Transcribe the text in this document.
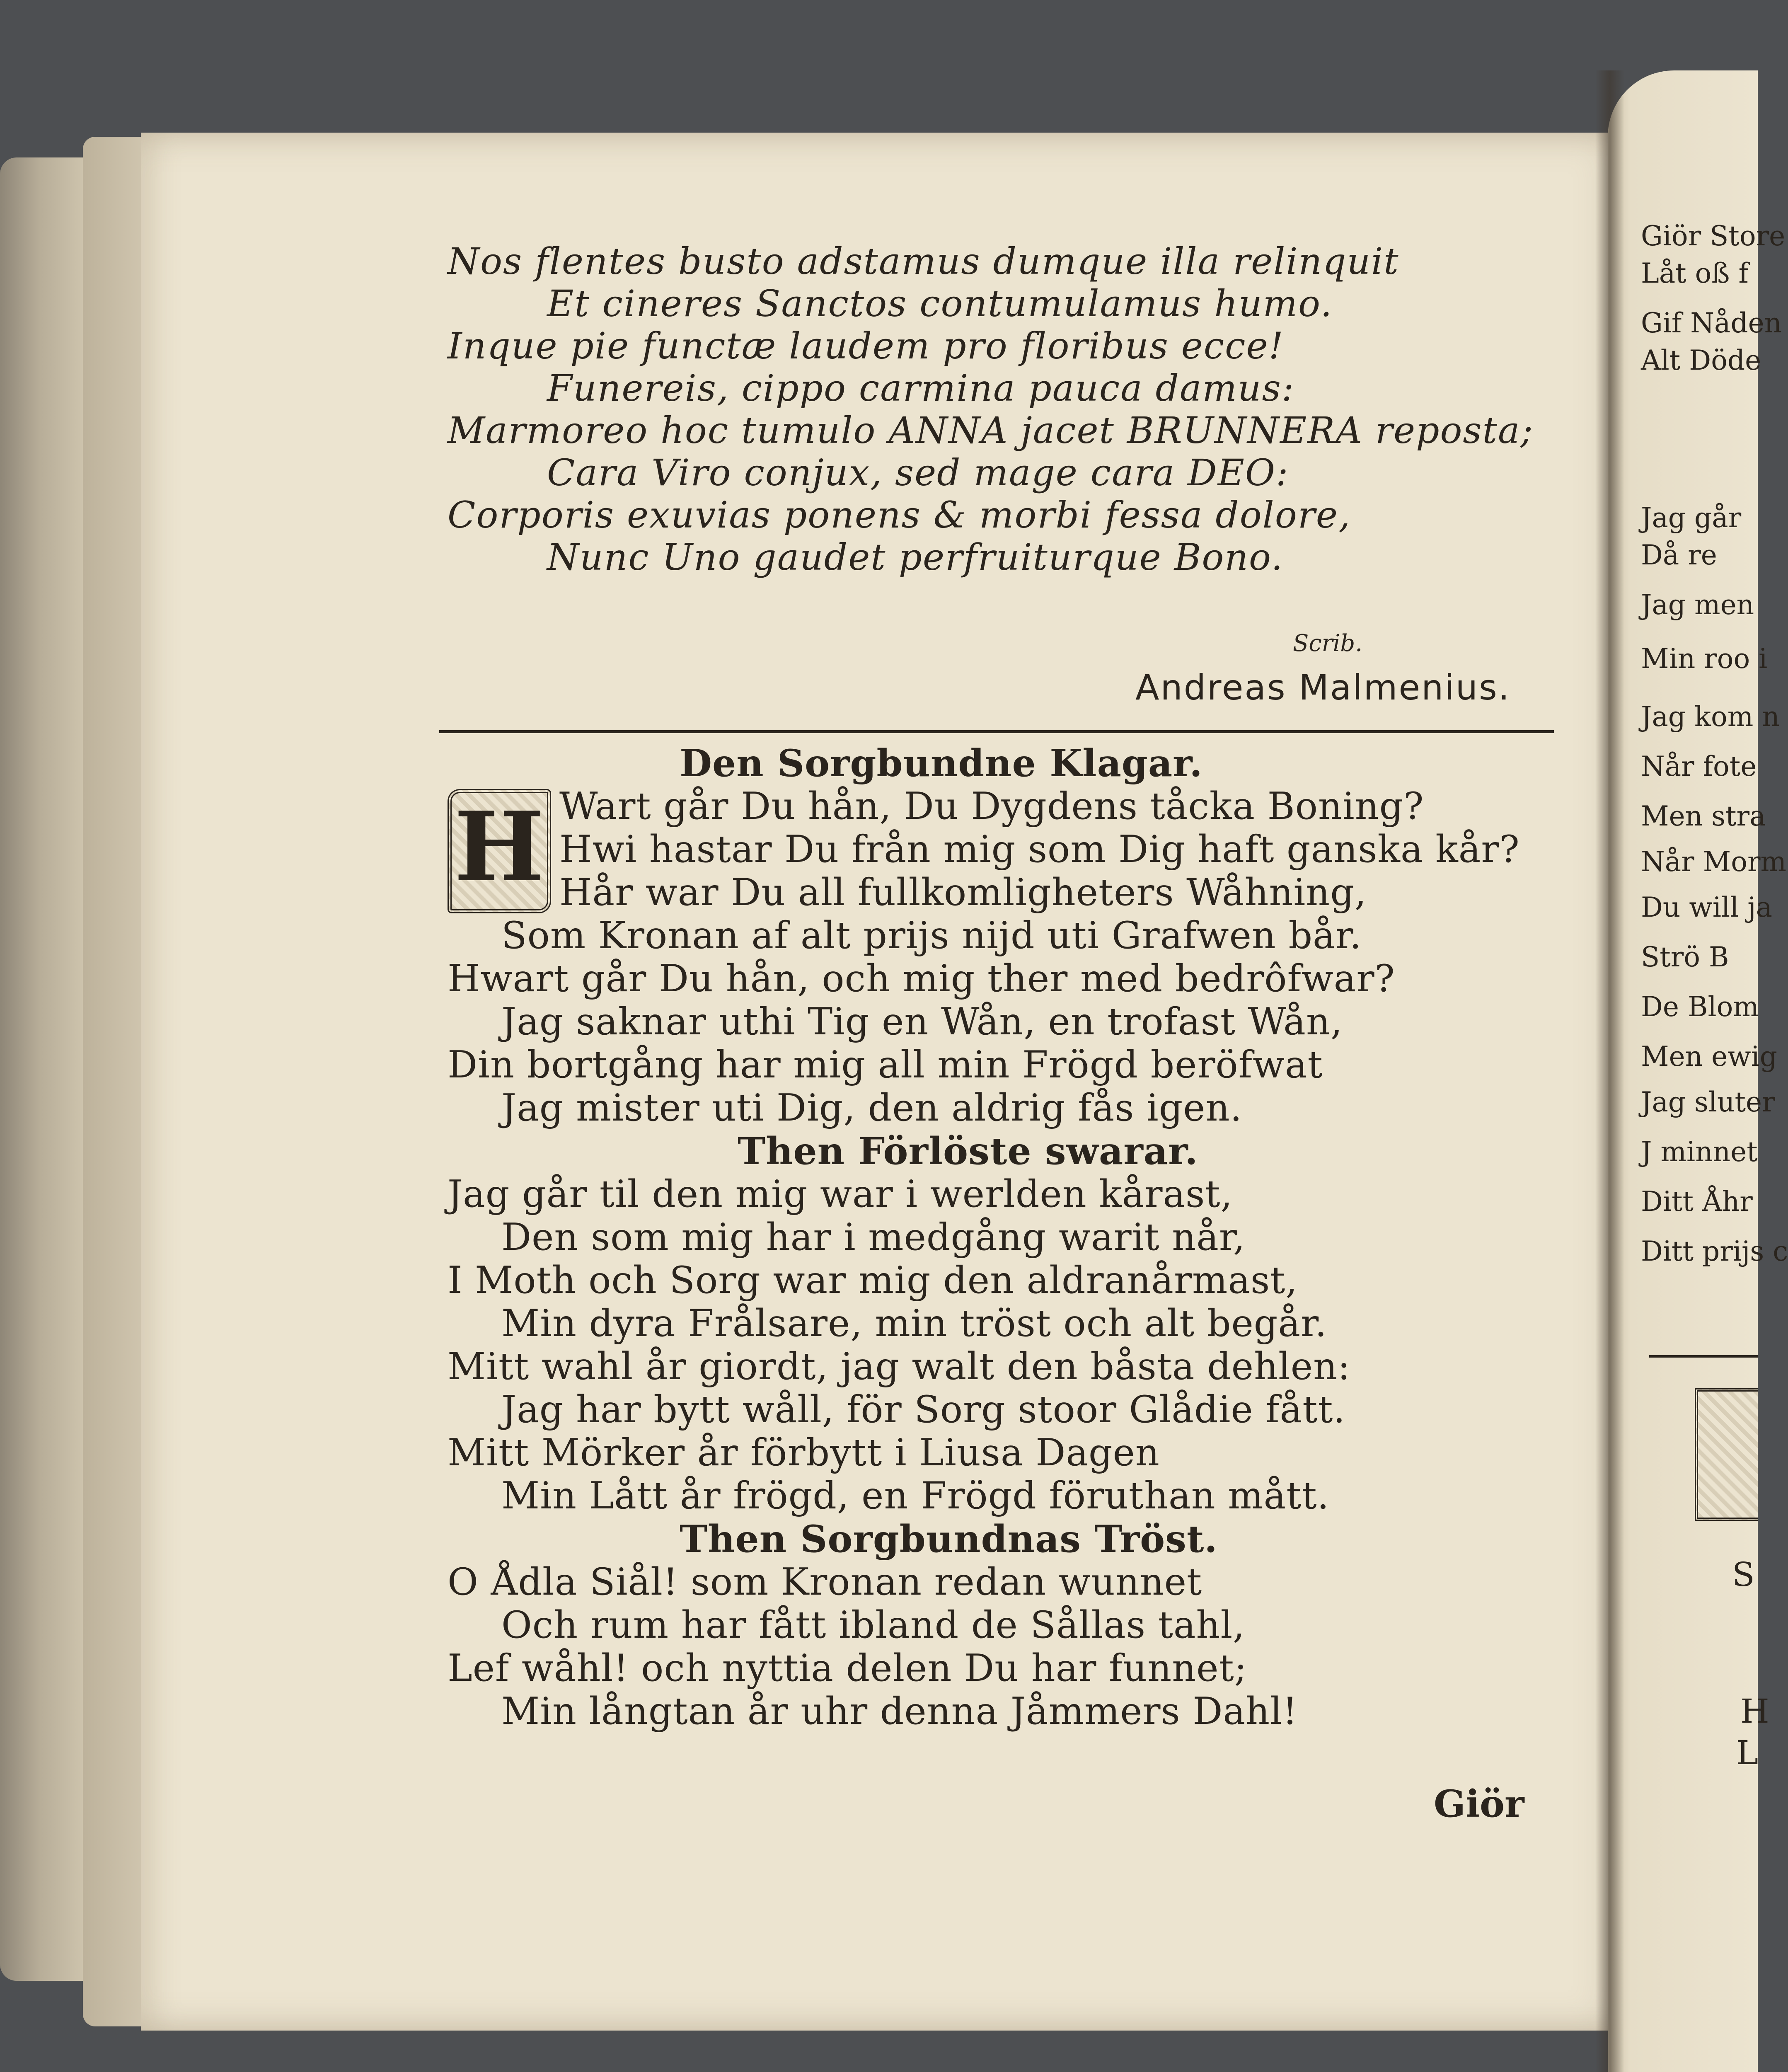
Nos flentes busto adstamus dumque illa relinquit
Et cineres Sanctos contumulamus humo.
Inque pie functæ laudem pro floribus ecce!
Funereis, cippo carmina pauca damus:
Marmoreo hoc tumulo ANNA jacet BRUNNERA reposta;
Cara Viro conjux, sed mage cara DEO:
Corporis exuvias ponens & morbi fessa dolore,
Nunc Uno gaudet perfruiturque Bono.
Scrib.
Andreas Malmenius.
Den Sorgbundne Klagar.
H Wart går Du hån, Du Dygdens tåcka Boning?
Hwi hastar Du från mig som Dig haft ganska kår?
Hår war Du all fullkomligheters Wåhning,
Som Kronan af alt prijs nijd uti Grafwen bår.
Hwart går Du hån, och mig ther med bedrôfwar?
Jag saknar uthi Tig en Wån, en trofast Wån,
Din bortgång har mig all min Frögd beröfwat
Jag mister uti Dig, den aldrig fås igen.
Then Förlöste swarar.
Jag går til den mig war i werlden kårast,
Den som mig har i medgång warit når,
I Moth och Sorg war mig den aldranårmast,
Min dyra Frålsare, min tröst och alt begår.
Mitt wahl år giordt, jag walt den båsta dehlen:
Jag har bytt wåll, för Sorg stoor Glådie fått.
Mitt Mörker år förbytt i Liusa Dagen
Min Lått år frögd, en Frögd föruthan mått.
Then Sorgbundnas Tröst.
O Ådla Siål! som Kronan redan wunnet
Och rum har fått ibland de Sållas tahl,
Lef wåhl! och nyttia delen Du har funnet;
Min långtan år uhr denna Jåmmers Dahl!
Giör
Giör Store
Låt oß f
Gif Nåden
Alt Döde
Jag går
Då re
Jag men
Min roo i
Jag kom n
Når fote
Men stra
Når Morm
Du will ja
Strö B
De Blom
Men ewig
Jag sluter
J minnet
Ditt Åhr
Ditt prijs c
S
H
L
